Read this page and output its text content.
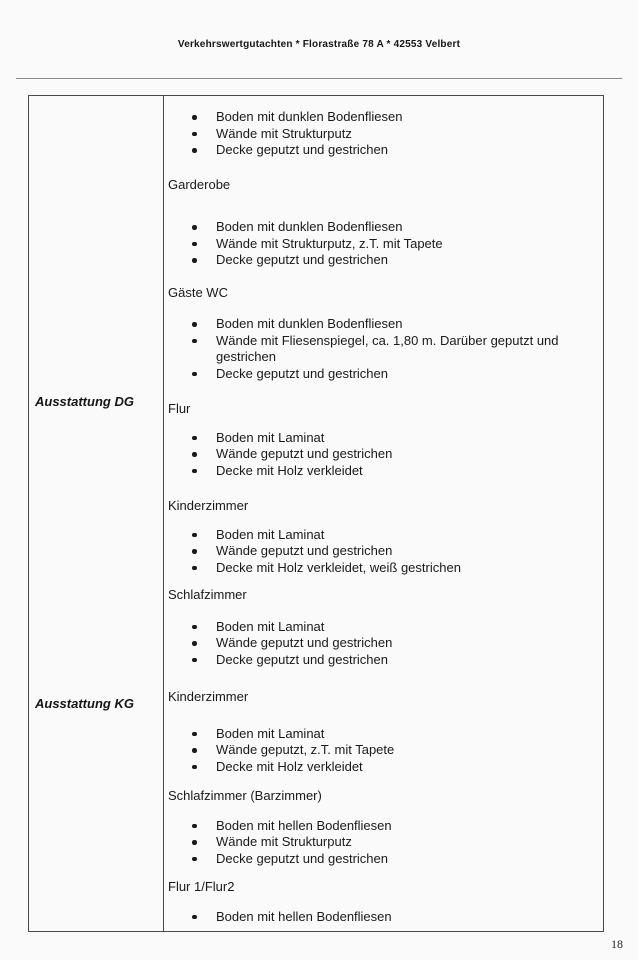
Verkehrswertgutachten * Florastraße 78 A * 42553 Velbert
Ausstattung DG
Ausstattung KG
Boden mit dunklen Bodenfliesen
Wände mit Strukturputz
Decke geputzt und gestrichen
Garderobe
Boden mit dunklen Bodenfliesen
Wände mit Strukturputz, z.T. mit Tapete
Decke geputzt und gestrichen
Gäste WC
Boden mit dunklen Bodenfliesen
Wände mit Fliesenspiegel, ca. 1,80 m. Darüber geputzt und gestrichen
Decke geputzt und gestrichen
Flur
Boden mit Laminat
Wände geputzt und gestrichen
Decke mit Holz verkleidet
Kinderzimmer
Boden mit Laminat
Wände geputzt und gestrichen
Decke mit Holz verkleidet, weiß gestrichen
Schlafzimmer
Boden mit Laminat
Wände geputzt und gestrichen
Decke geputzt und gestrichen
Kinderzimmer
Boden mit Laminat
Wände geputzt, z.T. mit Tapete
Decke mit Holz verkleidet
Schlafzimmer (Barzimmer)
Boden mit hellen Bodenfliesen
Wände mit Strukturputz
Decke geputzt und gestrichen
Flur 1/Flur2
Boden mit hellen Bodenfliesen
18
